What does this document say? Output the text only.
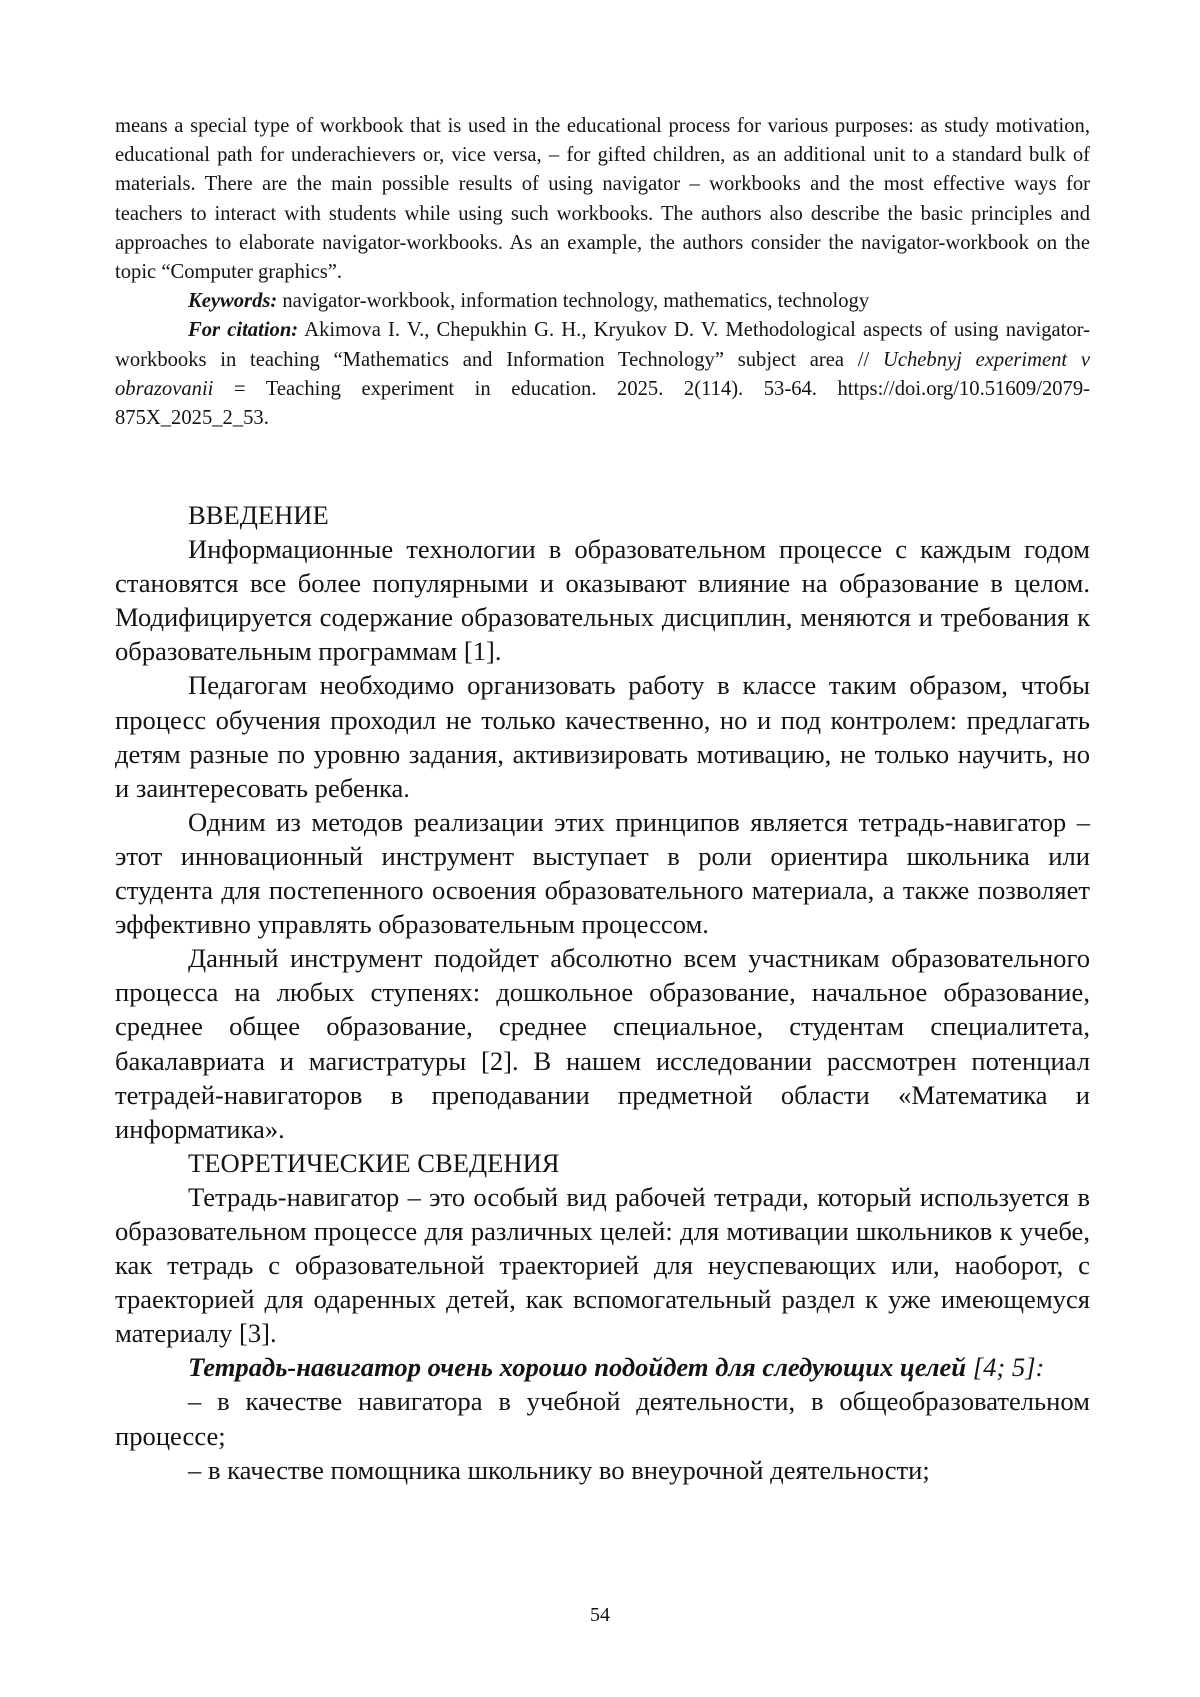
means a special type of workbook that is used in the educational process for various purposes: as study motivation, educational path for underachievers or, vice versa, – for gifted children, as an additional unit to a standard bulk of materials. There are the main possible results of using navigator – workbooks and the most effective ways for teachers to interact with students while using such workbooks. The authors also describe the basic principles and approaches to elaborate navigator-workbooks. As an example, the authors consider the navigator-workbook on the topic “Computer graphics”.

Keywords: navigator-workbook, information technology, mathematics, technology

For citation: Akimova I. V., Chepukhin G. H., Kryukov D. V. Methodological aspects of using navigator-workbooks in teaching “Mathematics and Information Technology” subject area // Uchebnyj experiment v obrazovanii = Teaching experiment in education. 2025. 2(114). 53-64. https://doi.org/10.51609/2079-875X_2025_2_53.

ВВЕДЕНИЕ

Информационные технологии в образовательном процессе с каждым годом становятся все более популярными и оказывают влияние на образование в целом. Модифицируется содержание образовательных дисциплин, меняются и требования к образовательным программам [1].

Педагогам необходимо организовать работу в классе таким образом, чтобы процесс обучения проходил не только качественно, но и под контролем: предлагать детям разные по уровню задания, активизировать мотивацию, не только научить, но и заинтересовать ребенка.

Одним из методов реализации этих принципов является тетрадь-навигатор – этот инновационный инструмент выступает в роли ориентира школьника или студента для постепенного освоения образовательного материала, а также позволяет эффективно управлять образовательным процессом.

Данный инструмент подойдет абсолютно всем участникам образовательного процесса на любых ступенях: дошкольное образование, начальное образование, среднее общее образование, среднее специальное, студентам специалитета, бакалавриата и магистратуры [2]. В нашем исследовании рассмотрен потенциал тетрадей-навигаторов в преподавании предметной области «Математика и информатика».

ТЕОРЕТИЧЕСКИЕ СВЕДЕНИЯ

Тетрадь-навигатор – это особый вид рабочей тетради, который используется в образовательном процессе для различных целей: для мотивации школьников к учебе, как тетрадь с образовательной траекторией для неуспевающих или, наоборот, с траекторией для одаренных детей, как вспомогательный раздел к уже имеющемуся материалу [3].

Тетрадь-навигатор очень хорошо подойдет для следующих целей [4; 5]:

– в качестве навигатора в учебной деятельности, в общеобразовательном процессе;

– в качестве помощника школьнику во внеурочной деятельности;

54
